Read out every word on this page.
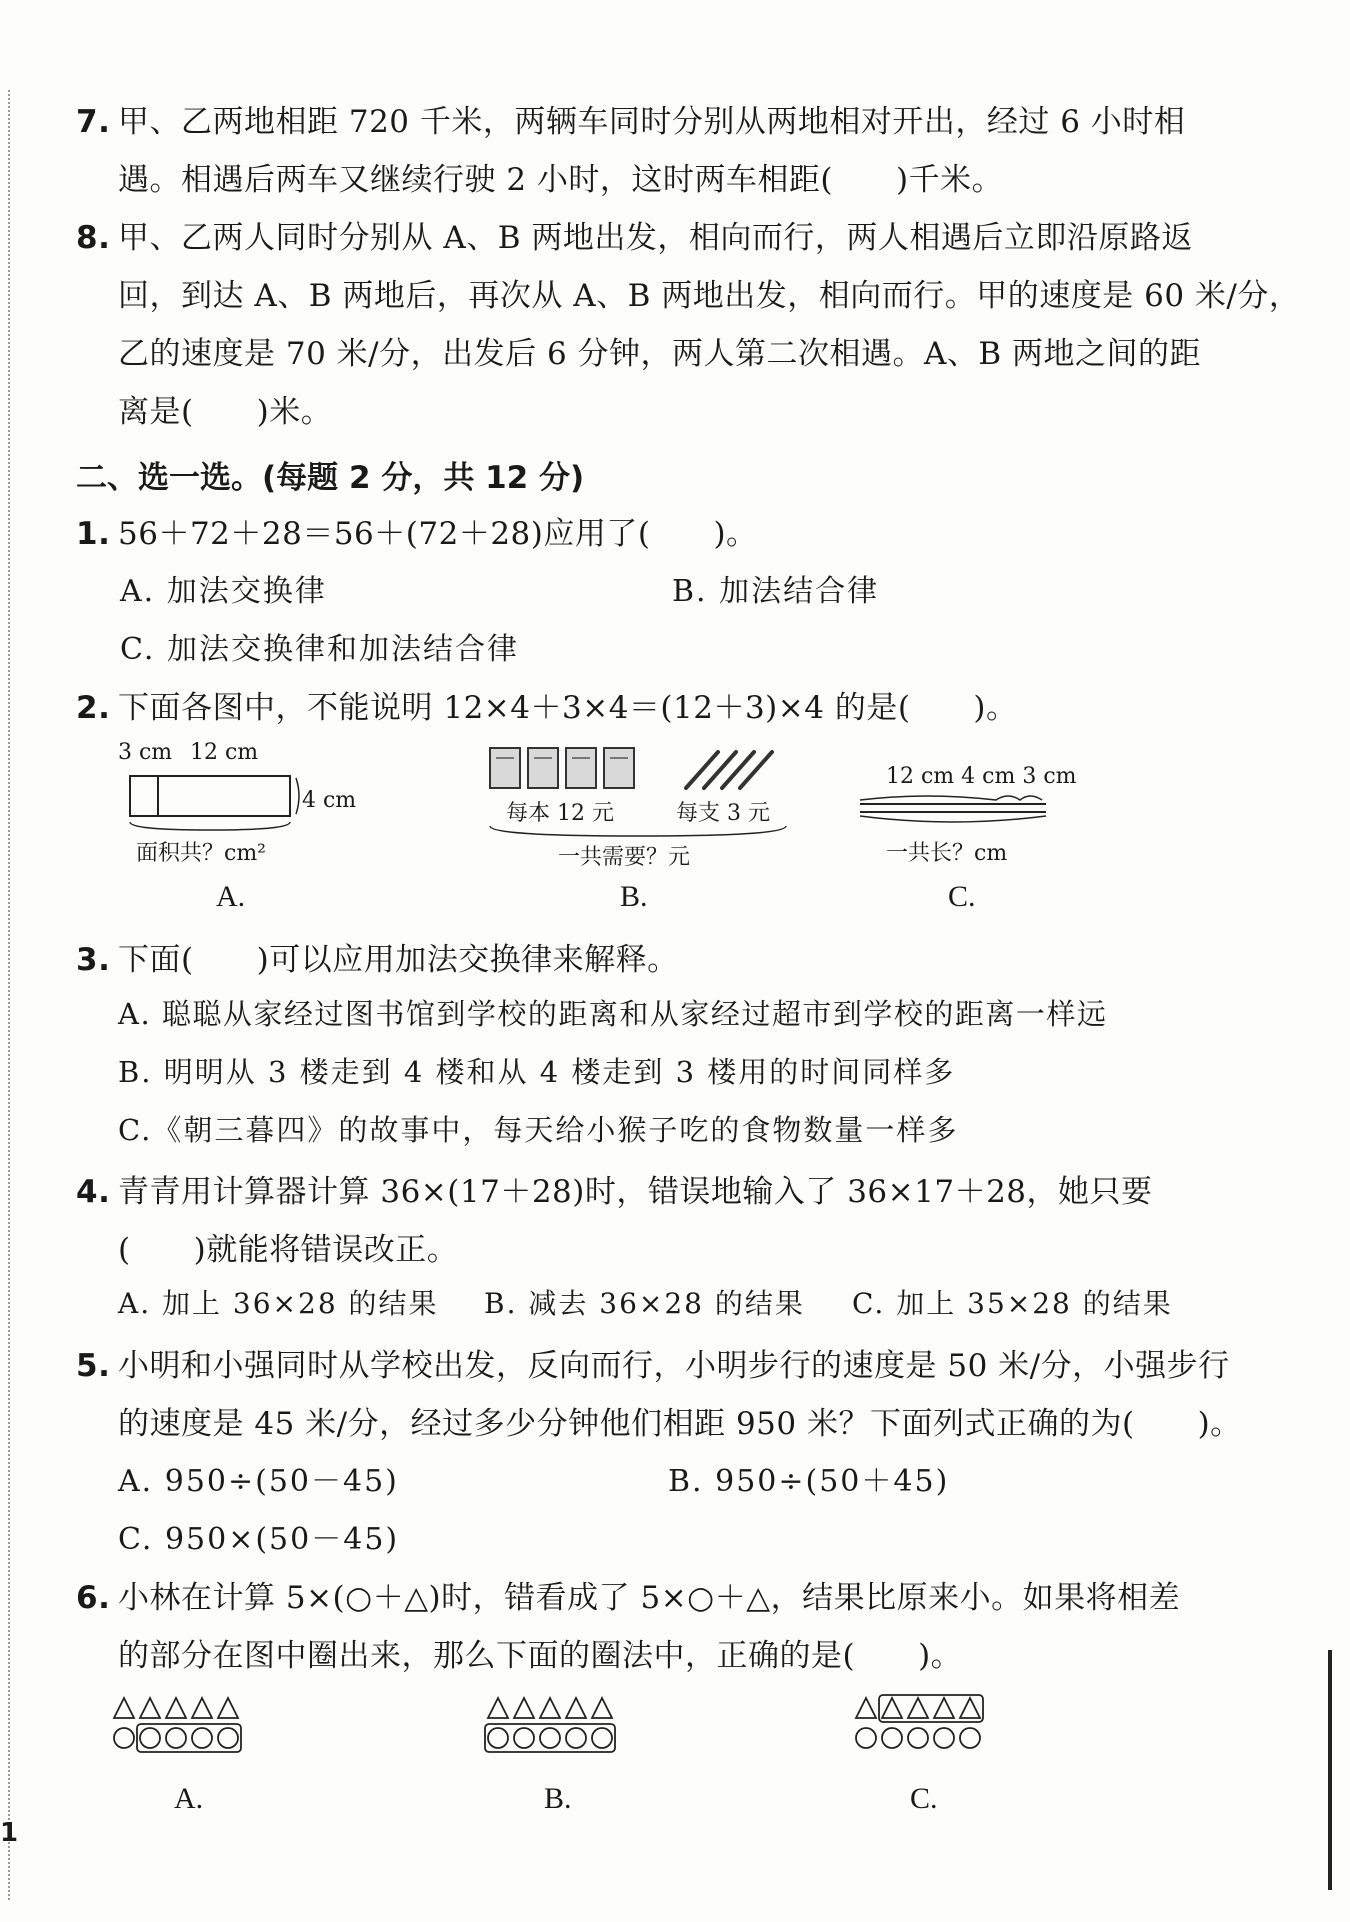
7. 甲、乙两地相距 720 千米，两辆车同时分别从两地相对开出，经过 6 小时相
遇。相遇后两车又继续行驶 2 小时，这时两车相距(　　)千米。
8. 甲、乙两人同时分别从 A、B 两地出发，相向而行，两人相遇后立即沿原路返
回，到达 A、B 两地后，再次从 A、B 两地出发，相向而行。甲的速度是 60 米/分，
乙的速度是 70 米/分，出发后 6 分钟，两人第二次相遇。A、B 两地之间的距
离是(　　)米。
二、选一选。(每题 2 分，共 12 分)
1. 56＋72＋28＝56＋(72＋28)应用了(　　)。
A. 加法交换律	B. 加法结合律
C. 加法交换律和加法结合律
2. 下面各图中，不能说明 12×4＋3×4＝(12＋3)×4 的是(　　)。
3 cm 12 cm
4 cm
面积共？cm²
A.
每本 12 元	每支 3 元
一共需要？元
B.
12 cm 4 cm 3 cm
一共长？cm
C.
3. 下面(　　)可以应用加法交换律来解释。
A. 聪聪从家经过图书馆到学校的距离和从家经过超市到学校的距离一样远
B. 明明从 3 楼走到 4 楼和从 4 楼走到 3 楼用的时间同样多
C.《朝三暮四》的故事中，每天给小猴子吃的食物数量一样多
4. 青青用计算器计算 36×(17＋28)时，错误地输入了 36×17＋28，她只要
(　　)就能将错误改正。
A. 加上 36×28 的结果 B. 减去 36×28 的结果 C. 加上 35×28 的结果
5. 小明和小强同时从学校出发，反向而行，小明步行的速度是 50 米/分，小强步行
的速度是 45 米/分，经过多少分钟他们相距 950 米？下面列式正确的为(　　)。
A. 950÷(50－45)	B. 950÷(50＋45)
C. 950×(50－45)
6. 小林在计算 5×(○＋△)时，错看成了 5×○＋△，结果比原来小。如果将相差
的部分在图中圈出来，那么下面的圈法中，正确的是(　　)。
A.	B.	C.
1
